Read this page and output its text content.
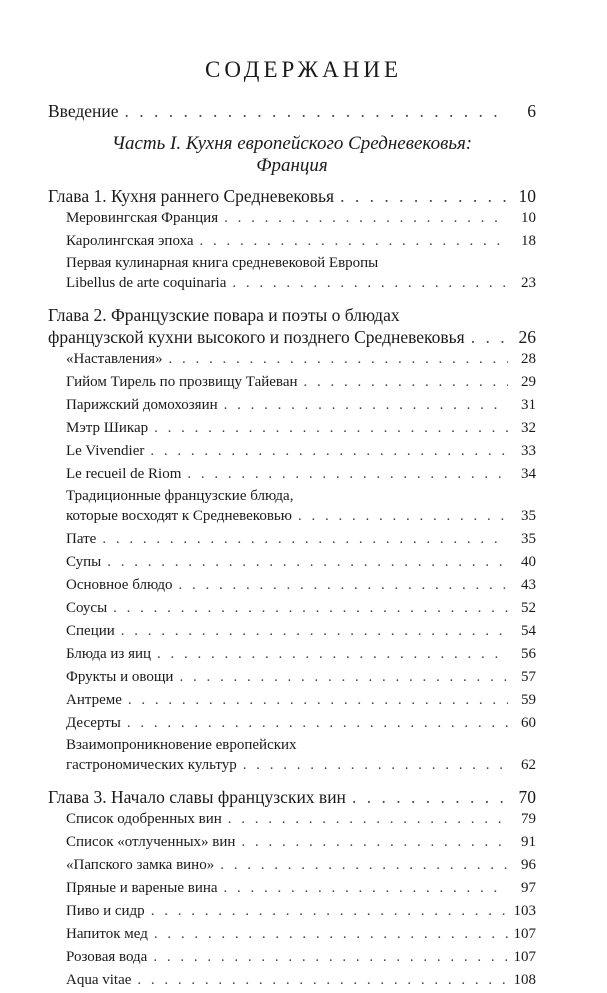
СОДЕРЖАНИЕ
Введение . . .	6
Часть I. Кухня европейского Средневековья:
Франция
Глава 1. Кухня раннего Средневековья . . .	10
Меровингская Франция . . .	10
Каролингская эпоха . . .	18
Первая кулинарная книга средневековой Европы
Libellus de arte coquinaria . . .	23
Глава 2. Французские повара и поэты о блюдах
французской кухни высокого и позднего Средневековья . . .	26
«Наставления» . . .	28
Гийом Тирель по прозвищу Тайеван . . .	29
Парижский домохозяин . . .	31
Мэтр Шикар . . .	32
Le Vivendier . . .	33
Le recueil de Riom . . .	34
Традиционные французские блюда,
которые восходят к Средневековью . . .	35
Пате . . .	35
Супы . . .	40
Основное блюдо . . .	43
Соусы . . .	52
Специи . . .	54
Блюда из яиц . . .	56
Фрукты и овощи . . .	57
Антреме . . .	59
Десерты . . .	60
Взаимопроникновение европейских
гастрономических культур . . .	62
Глава 3. Начало славы французских вин . . .	70
Список одобренных вин . . .	79
Список «отлученных» вин . . .	91
«Папского замка вино» . . .	96
Пряные и вареные вина . . .	97
Пиво и сидр . . .	103
Напиток мед . . .	107
Розовая вода . . .	107
Aqua vitae . . .	108
